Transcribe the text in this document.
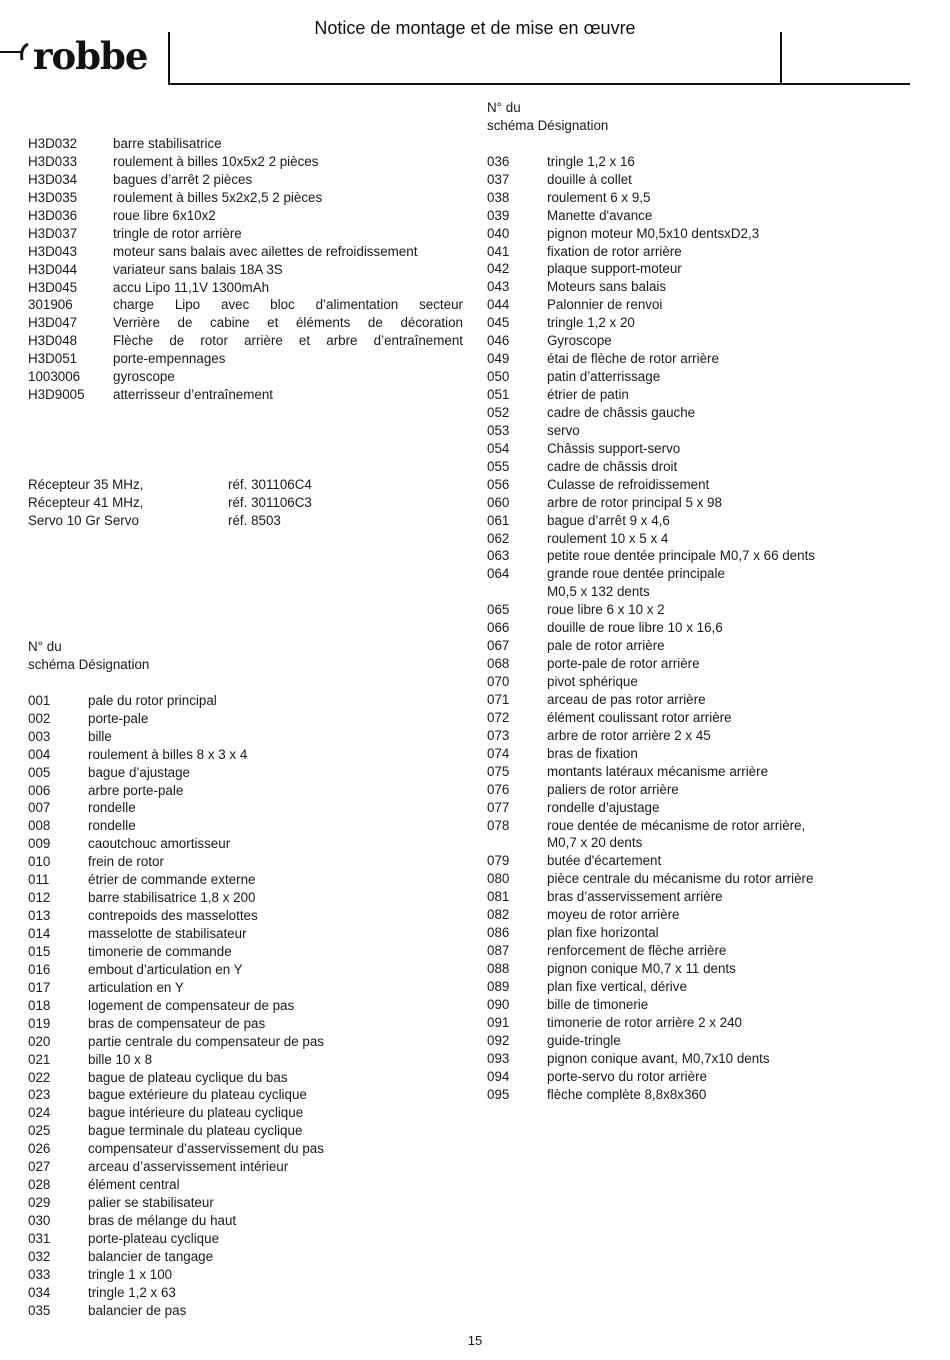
robbe
Notice de montage et de mise en œuvre
H3D032	barre stabilisatrice
H3D033	roulement à billes 10x5x2 2 pièces
H3D034	bagues d’arrêt 2 pièces
H3D035	roulement à billes 5x2x2,5 2 pièces
H3D036	roue libre 6x10x2
H3D037	tringle de rotor arrière
H3D043	moteur sans balais avec ailettes de refroidissement
H3D044	variateur sans balais 18A 3S
H3D045	accu Lipo 11,1V 1300mAh
301906	charge Lipo avec bloc d’alimentation secteur
H3D047	Verrière de cabine et éléments de décoration
H3D048	Flèche de rotor arrière et arbre d’entraînement
H3D051	porte-empennages
1003006 gyroscope
H3D9005 atterrisseur d’entraînement
Récepteur 35 MHz,	réf. 301106C4
Récepteur 41 MHz,	réf. 301106C3
Servo 10 Gr Servo	réf. 8503
N° du
schéma Désignation
001	pale du rotor principal
002	porte-pale
003	bille
004	roulement à billes 8 x 3 x 4
005	bague d’ajustage
006	arbre porte-pale
007	rondelle
008	rondelle
009	caoutchouc amortisseur
010	frein de rotor
011	étrier de commande externe
012	barre stabilisatrice 1,8 x 200
013	contrepoids des masselottes
014	masselotte de stabilisateur
015	timonerie de commande
016	embout d’articulation en Y
017	articulation en Y
018	logement de compensateur de pas
019	bras de compensateur de pas
020	partie centrale du compensateur de pas
021	bille 10 x 8
022	bague de plateau cyclique du bas
023	bague extérieure du plateau cyclique
024	bague intérieure du plateau cyclique
025	bague terminale du plateau cyclique
026	compensateur d’asservissement du pas
027	arceau d’asservissement intérieur
028	élément central
029	palier se stabilisateur
030	bras de mélange du haut
031	porte-plateau cyclique
032	balancier de tangage
033	tringle 1 x 100
034	tringle 1,2 x 63
035	balancier de pas
N° du
schéma Désignation
036	tringle 1,2 x 16
037	douille à collet
038	roulement 6 x 9,5
039	Manette d'avance
040	pignon moteur M0,5x10 dentsxD2,3
041	fixation de rotor arrière
042	plaque support-moteur
043	Moteurs sans balais
044	Palonnier de renvoi
045	tringle 1,2 x 20
046	Gyroscope
049	étai de flèche de rotor arrière
050	patin d’atterrissage
051	étrier de patin
052	cadre de châssis gauche
053	servo
054	Châssis support-servo
055	cadre de châssis droit
056	Culasse de refroidissement
060	arbre de rotor principal 5 x 98
061	bague d’arrêt 9 x 4,6
062	roulement 10 x 5 x 4
063	petite roue dentée principale M0,7 x 66 dents
064	grande roue dentée principale
M0,5 x 132 dents
065	roue libre 6 x 10 x 2
066	douille de roue libre 10 x 16,6
067	pale de rotor arrière
068	porte-pale de rotor arrière
070	pivot sphérique
071	arceau de pas rotor arrière
072	élément coulissant rotor arrière
073	arbre de rotor arrière 2 x 45
074	bras de fixation
075	montants latéraux mécanisme arrière
076	paliers de rotor arrière
077	rondelle d’ajustage
078	roue dentée de mécanisme de rotor arrière,
M0,7 x 20 dents
079	butée d'écartement
080	pièce centrale du mécanisme du rotor arrière
081	bras d’asservissement arrière
082	moyeu de rotor arrière
086	plan fixe horizontal
087	renforcement de flèche arrière
088	pignon conique M0,7 x 11 dents
089	plan fixe vertical, dérive
090	bille de timonerie
091	timonerie de rotor arrière 2 x 240
092	guide-tringle
093	pignon conique avant, M0,7x10 dents
094	porte-servo du rotor arrière
095	flèche complète 8,8x8x360
15
